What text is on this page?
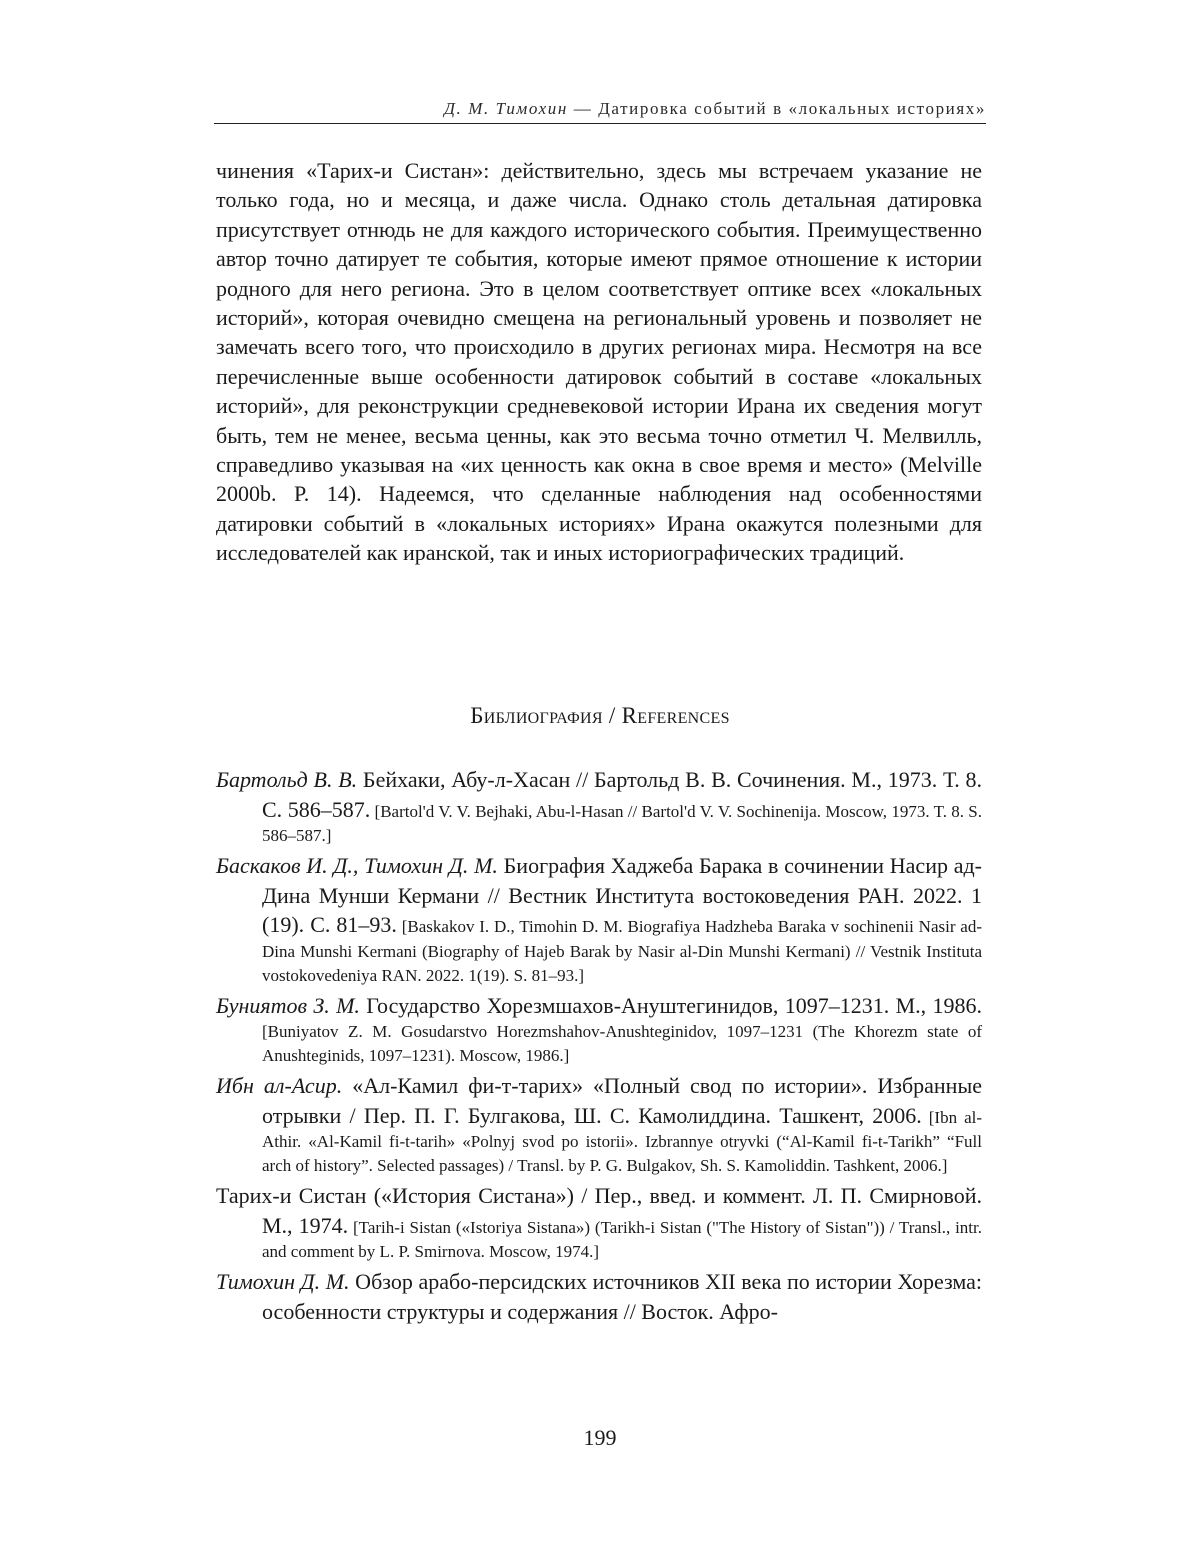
Д. М. Тимохин — Датировка событий в «локальных историях»

чинения «Тарих-и Систан»: действительно, здесь мы встречаем указание не только года, но и месяца, и даже числа. Однако столь детальная датировка присутствует отнюдь не для каждого исторического события. Преимущественно автор точно датирует те события, которые имеют прямое отношение к истории родного для него региона. Это в целом соответствует оптике всех «локальных историй», которая очевидно смещена на региональный уровень и позволяет не замечать всего того, что происходило в других регионах мира. Несмотря на все перечисленные выше особенности датировок событий в составе «локальных историй», для реконструкции средневековой истории Ирана их сведения могут быть, тем не менее, весьма ценны, как это весьма точно отметил Ч. Мелвилль, справедливо указывая на «их ценность как окна в свое время и место» (Melville 2000b. P. 14). Надеемся, что сделанные наблюдения над особенностями датировки событий в «локальных историях» Ирана окажутся полезными для исследователей как иранской, так и иных историографических традиций.

Библиография / References

Бартольд В. В. Бейхаки, Абу-л-Хасан // Бартольд В. В. Сочинения. М., 1973. Т. 8. С. 586–587. [Bartol'd V. V. Bejhaki, Abu-l-Hasan // Bartol'd V. V. Sochinenija. Moscow, 1973. T. 8. S. 586–587.]

Баскаков И. Д., Тимохин Д. М. Биография Хаджеба Барака в сочинении Насир ад-Дина Мунши Кермани // Вестник Института востоковедения РАН. 2022. 1 (19). С. 81–93. [Baskakov I. D., Timohin D. M. Biografiya Hadzheba Baraka v sochinenii Nasir ad-Dina Munshi Kermani (Biography of Hajeb Barak by Nasir al-Din Munshi Kermani) // Vestnik Instituta vostokovedeniya RAN. 2022. 1(19). S. 81–93.]

Буниятов З. М. Государство Хорезмшахов-Ануштегинидов, 1097–1231. М., 1986. [Buniyatov Z. M. Gosudarstvo Horezmshahov-Anushteginidov, 1097–1231 (The Khorezm state of Anushteginids, 1097–1231). Moscow, 1986.]

Ибн ал-Асир. «Ал-Камил фи-т-тарих» «Полный свод по истории». Избранные отрывки / Пер. П. Г. Булгакова, Ш. С. Камолиддина. Ташкент, 2006. [Ibn al-Athir. «Al-Kamil fi-t-tarih» «Polnyj svod po istorii». Izbrannye otryvki (“Al-Kamil fi-t-Tarikh” “Full arch of history”. Selected passages) / Transl. by P. G. Bulgakov, Sh. S. Kamoliddin. Tashkent, 2006.]

Тарих-и Систан («История Систана») / Пер., введ. и коммент. Л. П. Смирновой. М., 1974. [Tarih-i Sistan («Istoriya Sistana») (Tarikh-i Sistan ("The History of Sistan")) / Transl., intr. and comment by L. P. Smirnova. Moscow, 1974.]

Тимохин Д. М. Обзор арабо-персидских источников XII века по истории Хорезма: особенности структуры и содержания // Восток. Афро-

199
